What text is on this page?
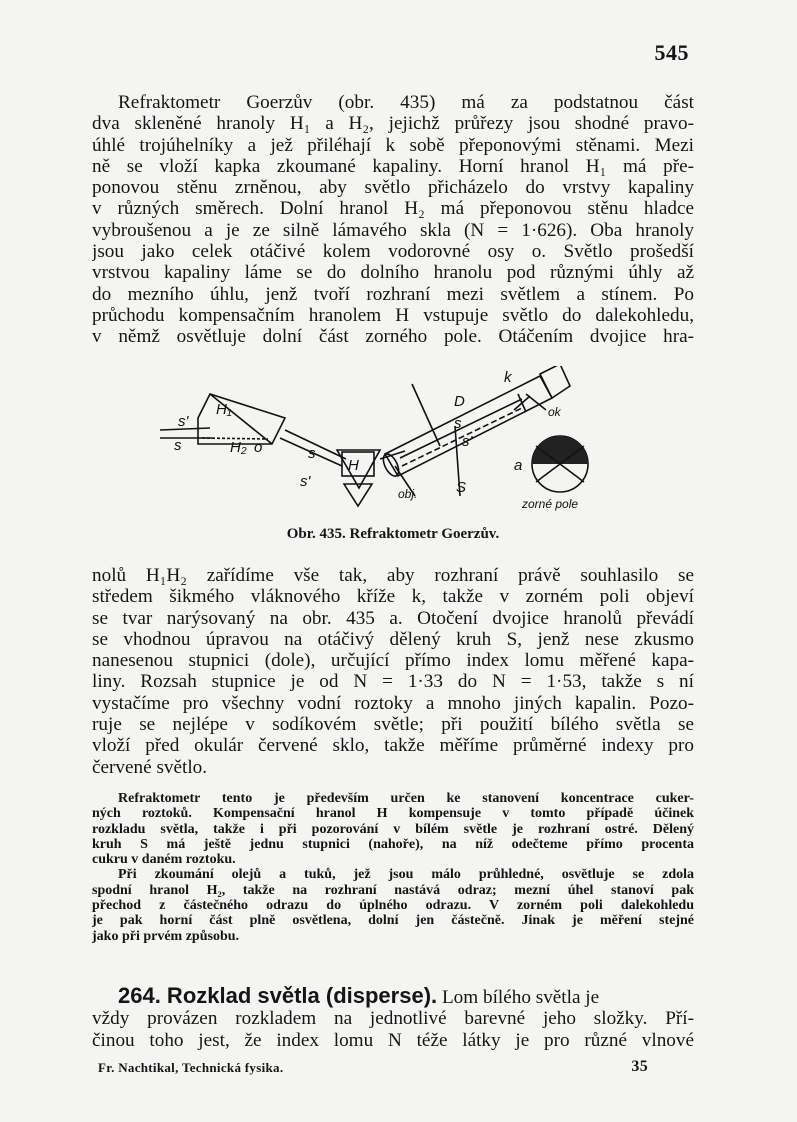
545
Refraktometr Goerzův (obr. 435) má za podstatnou část
dva skleněné hranoly H₁ a H₂, jejichž průřezy jsou shodné pravo-
úhlé trojúhelníky a jež přiléhají k sobě přeponovými stěnami. Mezi
ně se vloží kapka zkoumané kapaliny. Horní hranol H₁ má pře-
ponovou stěnu zrněnou, aby světlo přicházelo do vrstvy kapaliny
v různých směrech. Dolní hranol H₂ má přeponovou stěnu hladce
vybroušenou a je ze silně lámavého skla (N = 1·626). Oba hranoly
jsou jako celek otáčivé kolem vodorovné osy o. Světlo prošedší
vrstvou kapaliny láme se do dolního hranolu pod různými úhly až
do mezního úhlu, jenž tvoří rozhraní mezi světlem a stínem. Po
průchodu kompensačním hranolem H vstupuje světlo do dalekohledu,
v němž osvětluje dolní část zorného pole. Otáčením dvojice hra-
s'
s
H₁
H₂ o	s
s'
H
obj.	S
D
s
s'
k
ok
a
zorné pole
Obr. 435. Refraktometr Goerzův.
nolů H₁H₂ zařídíme vše tak, aby rozhraní právě souhlasilo se
středem šikmého vláknového kříže k, takže v zorném poli objeví
se tvar narýsovaný na obr. 435 a. Otočení dvojice hranolů převádí
se vhodnou úpravou na otáčivý dělený kruh S, jenž nese zkusmo
nanesenou stupnici (dole), určující přímo index lomu měřené kapa-
liny. Rozsah stupnice je od N = 1·33 do N = 1·53, takže s ní
vystačíme pro všechny vodní roztoky a mnoho jiných kapalin. Pozo-
ruje se nejlépe v sodíkovém světle; při použití bílého světla se
vloží před okulár červené sklo, takže měříme průměrné indexy pro
červené světlo.
Refraktometr tento je především určen ke stanovení koncentrace cuker-
ných roztoků. Kompensační hranol H kompensuje v tomto případě účinek
rozkladu světla, takže i při pozorování v bílém světle je rozhraní ostré. Dělený
kruh S má ještě jednu stupnici (nahoře), na níž odečteme přímo procenta
cukru v daném roztoku.
Při zkoumání olejů a tuků, jež jsou málo průhledné, osvětluje se zdola
spodní hranol H₂, takže na rozhraní nastává odraz; mezní úhel stanoví pak
přechod z částečného odrazu do úplného odrazu. V zorném poli dalekohledu
je pak horní část plně osvětlena, dolní jen částečně. Jinak je měření stejné
jako při prvém způsobu.
264. Rozklad světla (disperse). Lom bílého světla je
vždy provázen rozkladem na jednotlivé barevné jeho složky. Pří-
činou toho jest, že index lomu N téže látky je pro různé vlnové
Fr. Nachtikal, Technická fysika.	35
